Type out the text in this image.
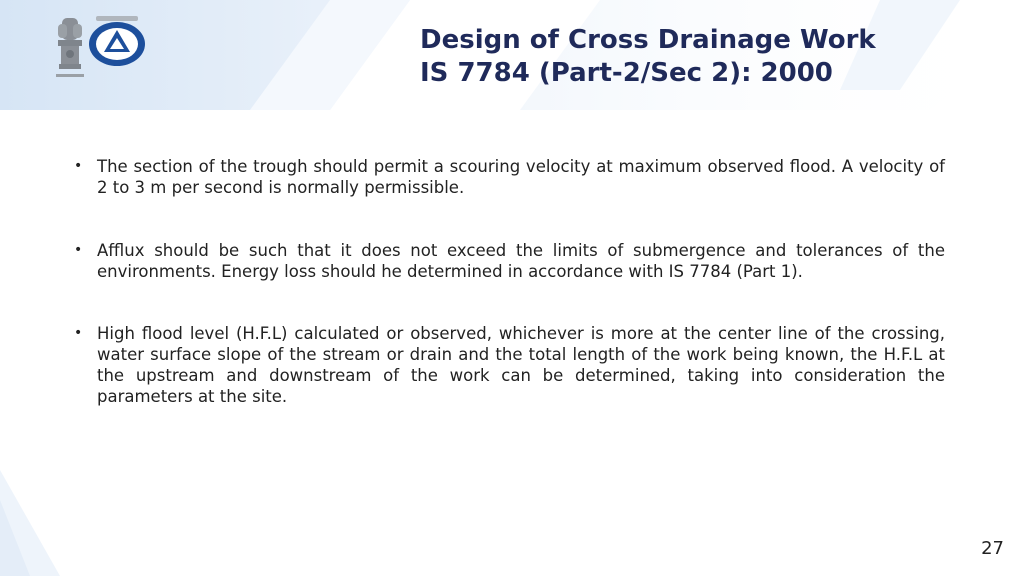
Design of Cross Drainage Work
IS 7784 (Part-2/Sec 2): 2000
• The section of the trough should permit a scouring velocity at maximum observed flood. A velocity of 2 to 3 m per second is normally permissible.
• Afflux should be such that it does not exceed the limits of submergence and tolerances of the environments. Energy loss should he determined in accordance with IS 7784 (Part 1).
• High flood level (H.F.L) calculated or observed, whichever is more at the center line of the crossing, water surface slope of the stream or drain and the total length of the work being known, the H.F.L at the upstream and downstream of the work can be determined, taking into consideration the parameters at the site.
27
